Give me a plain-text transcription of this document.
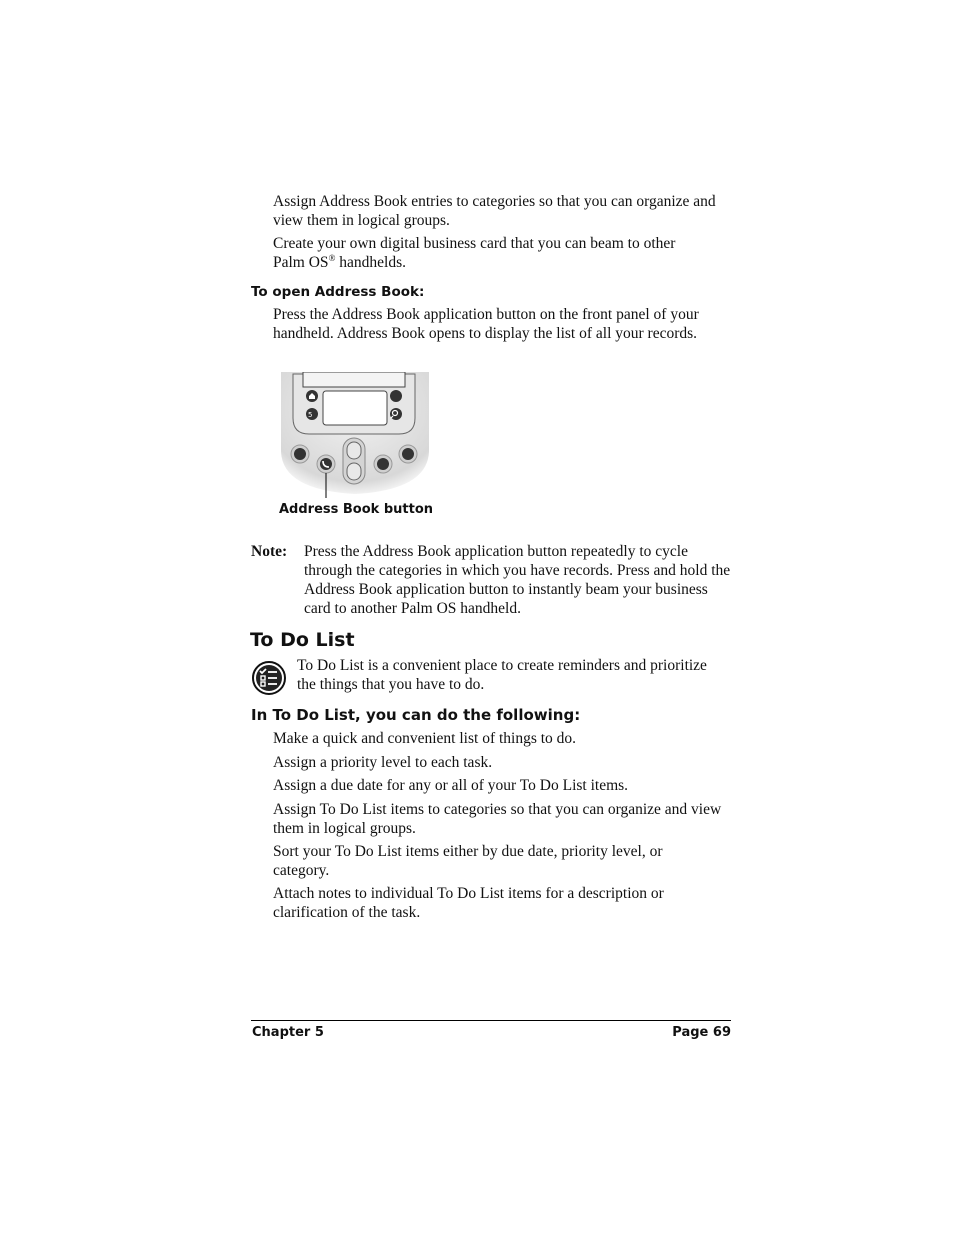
Assign Address Book entries to categories so that you can organize and view them in logical groups.
Create your own digital business card that you can beam to other
Palm OS® handhelds.
To open Address Book:
Press the Address Book application button on the front panel of your handheld. Address Book opens to display the list of all your records.
5
Address Book button
Note: Press the Address Book application button repeatedly to cycle through the categories in which you have records. Press and hold the Address Book application button to instantly beam your business card to another Palm OS handheld.
To Do List
To Do List is a convenient place to create reminders and prioritize the things that you have to do.
In To Do List, you can do the following:
Make a quick and convenient list of things to do.
Assign a priority level to each task.
Assign a due date for any or all of your To Do List items.
Assign To Do List items to categories so that you can organize and view them in logical groups.
Sort your To Do List items either by due date, priority level, or category.
Attach notes to individual To Do List items for a description or clarification of the task.
Chapter 5	Page 69
